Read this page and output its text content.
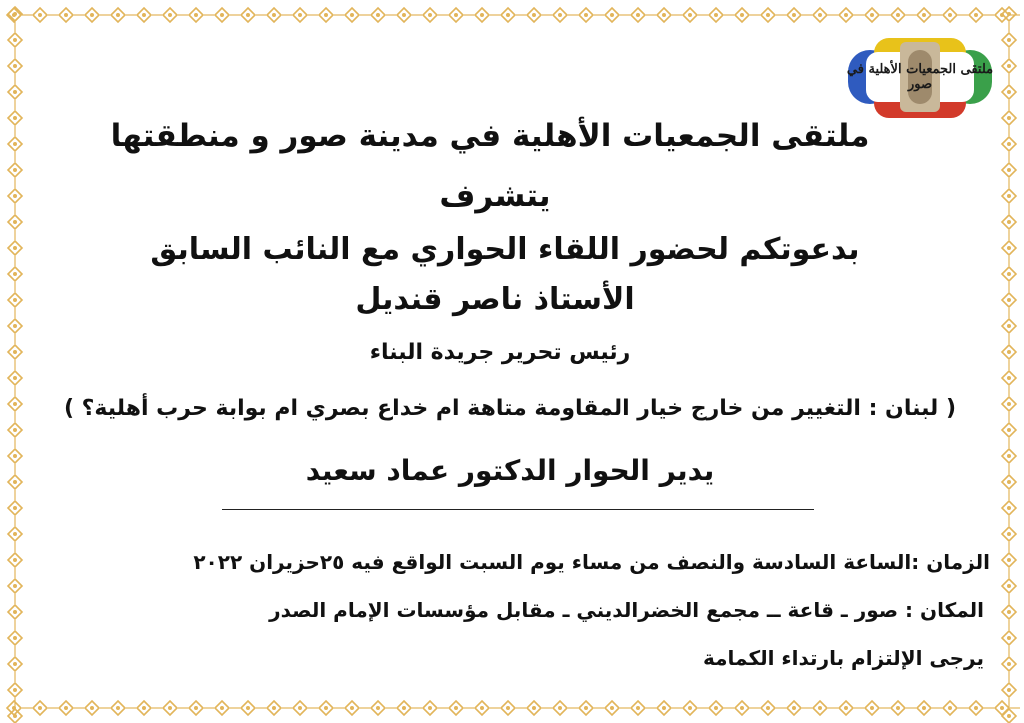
ملتقى الجمعيات الأهلية في صور
ملتقى الجمعيات الأهلية في مدينة صور و منطقتها
يتشرف
بدعوتكم لحضور اللقاء الحواري مع النائب السابق
الأستاذ ناصر قنديل
رئيس تحرير جريدة البناء
( لبنان : التغيير من خارج خيار المقاومة متاهة ام خداع بصري ام بوابة حرب أهلية؟ )
يدير الحوار الدكتور عماد سعيد
الزمان :الساعة السادسة والنصف من مساء يوم السبت الواقع فيه ٢٥حزيران ٢٠٢٢
المكان : صور ـ قاعة ــ مجمع الخضرالديني ـ مقابل مؤسسات الإمام الصدر
يرجى الإلتزام بارتداء الكمامة
